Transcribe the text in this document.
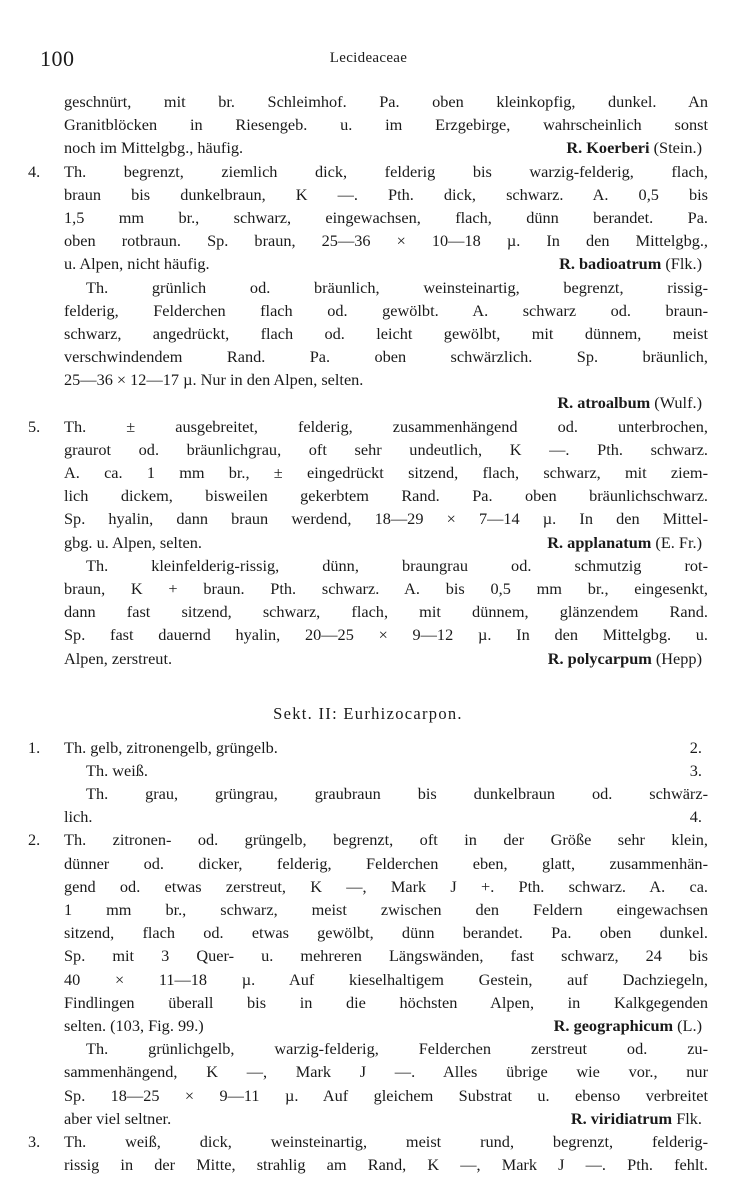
100	Lecideaceae
geschnürt, mit br. Schleimhof. Pa. oben kleinkopfig, dunkel. An
Granitblöcken in Riesengeb. u. im Erzgebirge, wahrscheinlich sonst
noch im Mittelgbg., häufig.	R. Koerberi (Stein.)
4.	Th. begrenzt, ziemlich dick, felderig bis warzig-felderig, flach,
braun bis dunkelbraun, K —. Pth. dick, schwarz. A. 0,5 bis
1,5 mm br., schwarz, eingewachsen, flach, dünn berandet. Pa.
oben rotbraun. Sp. braun, 25—36 × 10—18 µ. In den Mittelgbg.,
u. Alpen, nicht häufig.	R. badioatrum (Flk.)
Th. grünlich od. bräunlich, weinsteinartig, begrenzt, rissig-
felderig, Felderchen flach od. gewölbt. A. schwarz od. braun-
schwarz, angedrückt, flach od. leicht gewölbt, mit dünnem, meist
verschwindendem Rand. Pa. oben schwärzlich. Sp. bräunlich,
25—36 × 12—17 µ. Nur in den Alpen, selten.
R. atroalbum (Wulf.)
5.	Th. ± ausgebreitet, felderig, zusammenhängend od. unterbrochen,
graurot od. bräunlichgrau, oft sehr undeutlich, K —. Pth. schwarz.
A. ca. 1 mm br., ± eingedrückt sitzend, flach, schwarz, mit ziem-
lich dickem, bisweilen gekerbtem Rand. Pa. oben bräunlichschwarz.
Sp. hyalin, dann braun werdend, 18—29 × 7—14 µ. In den Mittel-
gbg. u. Alpen, selten.	R. applanatum (E. Fr.)
Th. kleinfelderig-rissig, dünn, braungrau od. schmutzig rot-
braun, K + braun. Pth. schwarz. A. bis 0,5 mm br., eingesenkt,
dann fast sitzend, schwarz, flach, mit dünnem, glänzendem Rand.
Sp. fast dauernd hyalin, 20—25 × 9—12 µ. In den Mittelgbg. u.
Alpen, zerstreut.	R. polycarpum (Hepp)
Sekt. II: Eurhizocarpon.
1.	Th. gelb, zitronengelb, grüngelb.	2.
Th. weiß.	3.
Th. grau, grüngrau, graubraun bis dunkelbraun od. schwärz-
lich.	4.
2.	Th. zitronen- od. grüngelb, begrenzt, oft in der Größe sehr klein,
dünner od. dicker, felderig, Felderchen eben, glatt, zusammenhän-
gend od. etwas zerstreut, K —, Mark J +. Pth. schwarz. A. ca.
1 mm br., schwarz, meist zwischen den Feldern eingewachsen
sitzend, flach od. etwas gewölbt, dünn berandet. Pa. oben dunkel.
Sp. mit 3 Quer- u. mehreren Längswänden, fast schwarz, 24 bis
40 × 11—18 µ. Auf kieselhaltigem Gestein, auf Dachziegeln,
Findlingen überall bis in die höchsten Alpen, in Kalkgegenden
selten. (103, Fig. 99.)	R. geographicum (L.)
Th. grünlichgelb, warzig-felderig, Felderchen zerstreut od. zu-
sammenhängend, K —, Mark J —. Alles übrige wie vor., nur
Sp. 18—25 × 9—11 µ. Auf gleichem Substrat u. ebenso verbreitet
aber viel seltner.	R. viridiatrum Flk.
3.	Th. weiß, dick, weinsteinartig, meist rund, begrenzt, felderig-
rissig in der Mitte, strahlig am Rand, K —, Mark J —. Pth. fehlt.
